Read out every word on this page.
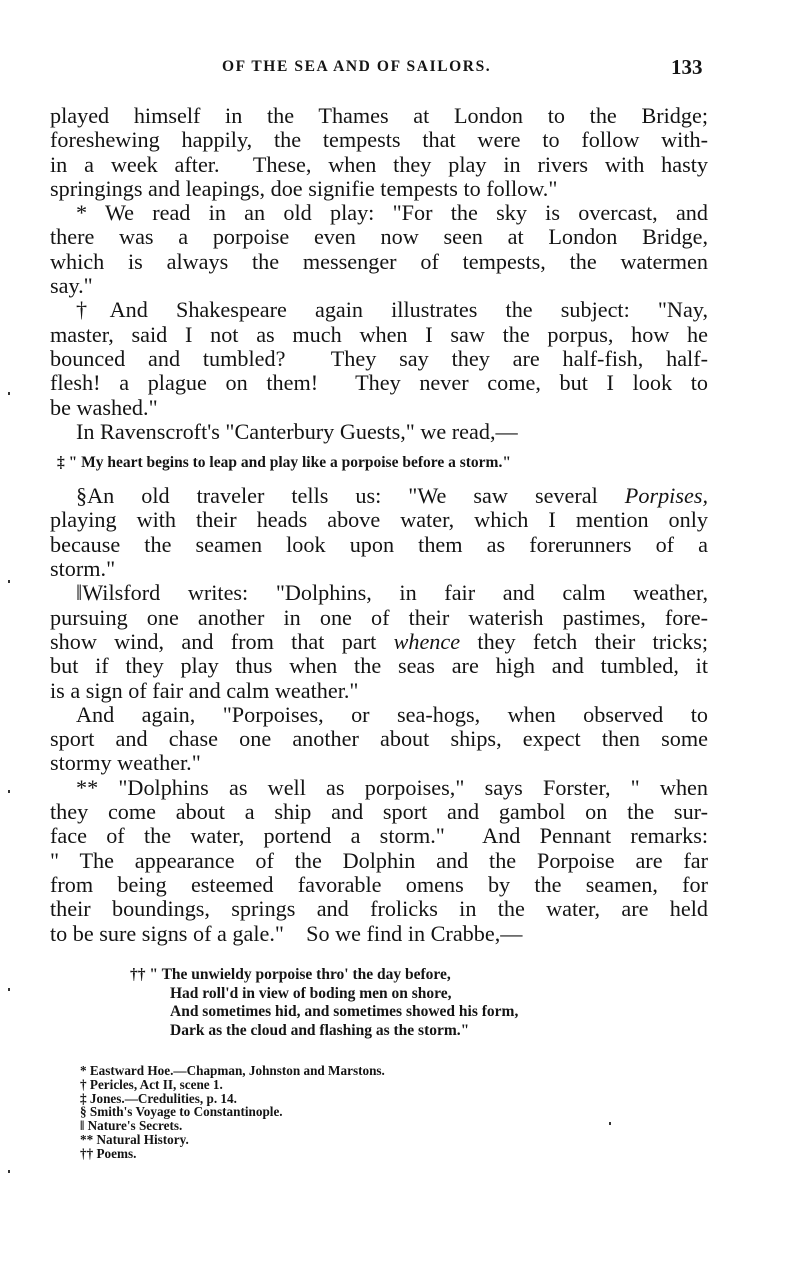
OF THE SEA AND OF SAILORS.	133
played himself in the Thames at London to the Bridge;
foreshewing happily, the tempests that were to follow with-
in a week after.  These, when they play in rivers with hasty
springings and leapings, doe signifie tempests to follow."
* We read in an old play: "For the sky is overcast, and
there was a porpoise even now seen at London Bridge,
which is always the messenger of tempests, the watermen
say."
†And Shakespeare again illustrates the subject: "Nay,
master, said I not as much when I saw the porpus, how he
bounced and tumbled?  They say they are half-fish, half-
flesh! a plague on them!  They never come, but I look to
be washed."
In Ravenscroft's "Canterbury Guests," we read,—
‡ " My heart begins to leap and play like a porpoise before a storm."
§An old traveler tells us: "We saw several Porpises,
playing with their heads above water, which I mention only
because the seamen look upon them as forerunners of a
storm."
‖Wilsford writes: "Dolphins, in fair and calm weather,
pursuing one another in one of their waterish pastimes, fore-
show wind, and from that part whence they fetch their tricks;
but if they play thus when the seas are high and tumbled, it
is a sign of fair and calm weather."
And again, "Porpoises, or sea-hogs, when observed to
sport and chase one another about ships, expect then some
stormy weather."
** "Dolphins as well as porpoises," says Forster, " when
they come about a ship and sport and gambol on the sur-
face of the water, portend a storm."  And Pennant remarks:
" The appearance of the Dolphin and the Porpoise are far
from being esteemed favorable omens by the seamen, for
their boundings, springs and frolicks in the water, are held
to be sure signs of a gale."    So we find in Crabbe,—
†† " The unwieldy porpoise thro' the day before,
Had roll'd in view of boding men on shore,
And sometimes hid, and sometimes showed his form,
Dark as the cloud and flashing as the storm."
* Eastward Hoe.—Chapman, Johnston and Marstons.
† Pericles, Act II, scene 1.
‡ Jones.—Credulities, p. 14.
§ Smith's Voyage to Constantinople.
‖ Nature's Secrets.
** Natural History.
†† Poems.
